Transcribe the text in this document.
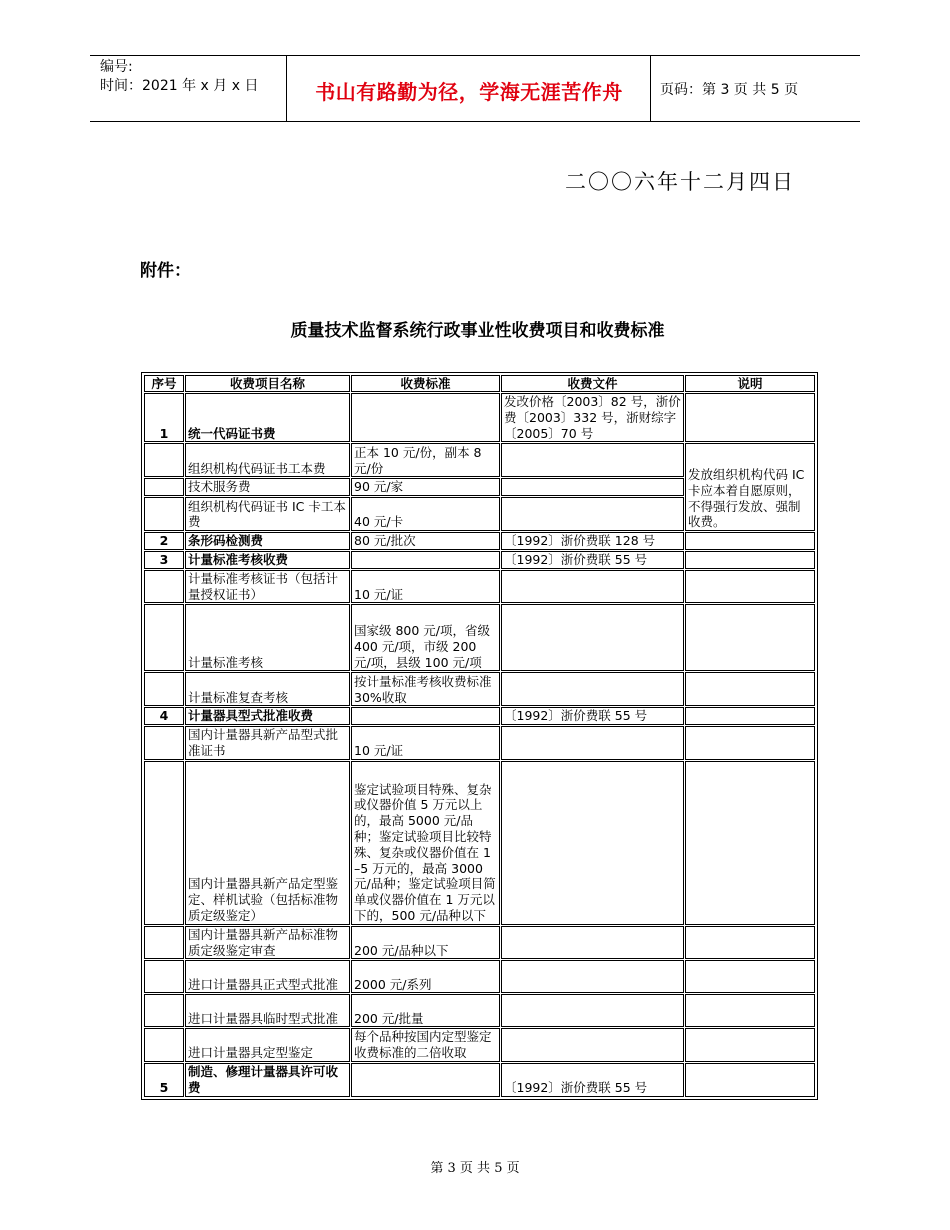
编号:
时间：2021 年 x 月 x 日	书山有路勤为径，学海无涯苦作舟	页码：第 3 页 共 5 页
二〇〇六年十二月四日
附件：
质量技术监督系统行政事业性收费项目和收费标准
序号	收费项目名称	收费标准	收费文件	说明
1	统一代码证书费		发改价格〔2003〕82 号，浙价费〔2003〕332 号，浙财综字〔2005〕70 号	
	组织机构代码证书工本费	正本 10 元/份，副本 8 元/份		发放组织机构代码 IC 卡应本着自愿原则，不得强行发放、强制收费。
	技术服务费	90 元/家		
	组织机构代码证书 IC 卡工本费	40 元/卡		
2	条形码检测费	80 元/批次	〔1992〕浙价费联 128 号	
3	计量标准考核收费		〔1992〕浙价费联 55 号	
	计量标准考核证书（包括计量授权证书）	10 元/证		
	计量标准考核	国家级 800 元/项，省级 400 元/项，市级 200 元/项，县级 100 元/项		
	计量标准复查考核	按计量标准考核收费标准 30%收取		
4	计量器具型式批准收费		〔1992〕浙价费联 55 号	
	国内计量器具新产品型式批准证书	10 元/证		
	国内计量器具新产品定型鉴定、样机试验（包括标准物质定级鉴定）	鉴定试验项目特殊、复杂或仪器价值 5 万元以上的，最高 5000 元/品种；鉴定试验项目比较特殊、复杂或仪器价值在 1–5 万元的，最高 3000 元/品种；鉴定试验项目简单或仪器价值在 1 万元以下的，500 元/品种以下		
	国内计量器具新产品标准物质定级鉴定审查	200 元/品种以下		
	进口计量器具正式型式批准	2000 元/系列		
	进口计量器具临时型式批准	200 元/批量		
	进口计量器具定型鉴定	每个品种按国内定型鉴定收费标准的二倍收取		
5	制造、修理计量器具许可收费		〔1992〕浙价费联 55 号	
第 3 页 共 5 页
